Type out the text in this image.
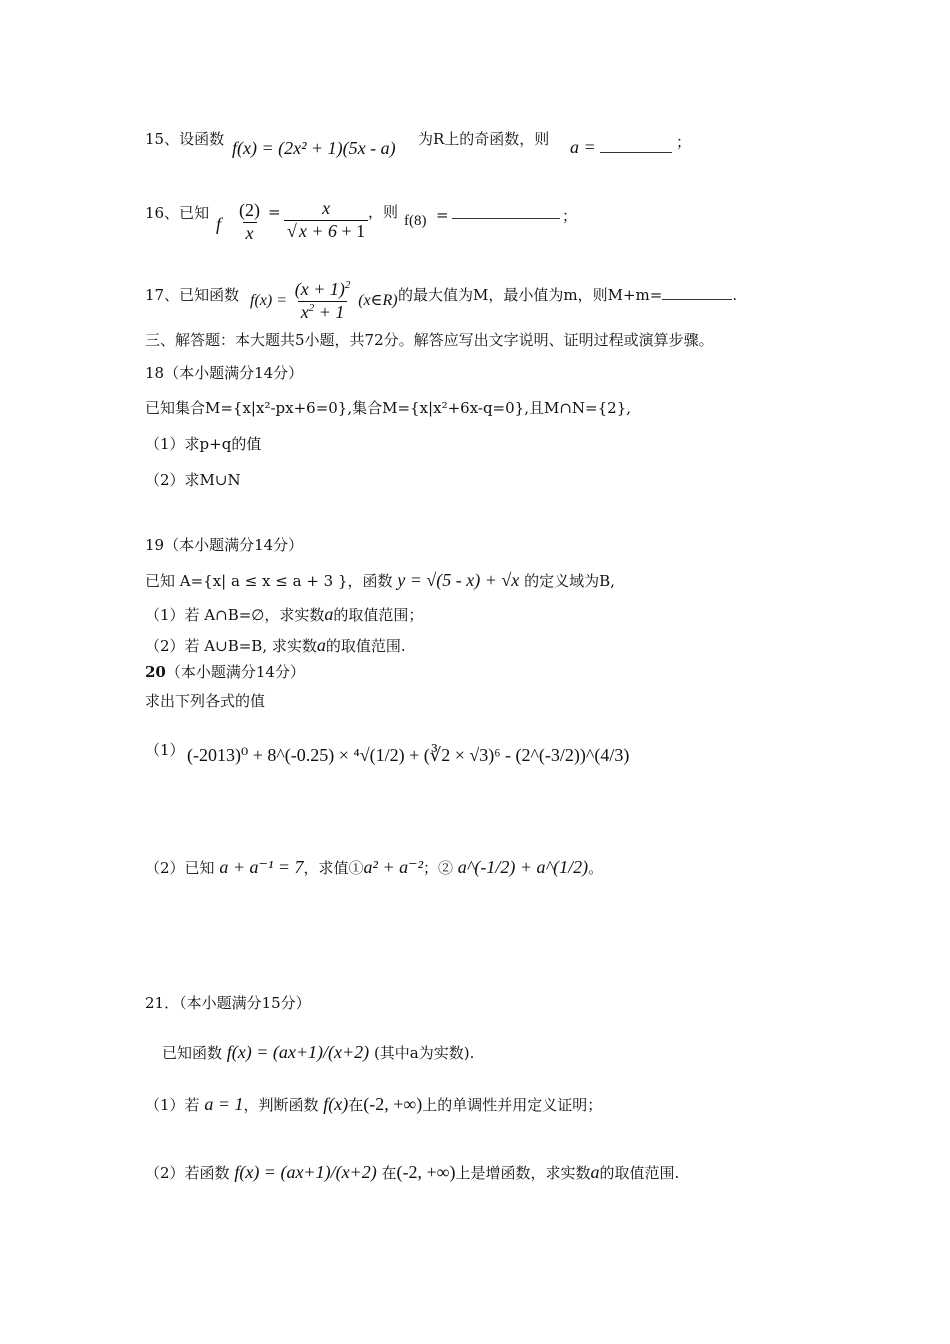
15、设函数 f(x) = (2x² + 1)(5x - a) 为R上的奇函数，则 a =	；
16、已知
f $\frac{(2)}{x} = \frac{x}{√ x + 6 + 1}$ ，则 f(8) =	；
17、已知函数 $f(x) = \frac{(x + 1)^2}{x^2 + 1}$ (x∈R) 的最大值为M，最小值为m，则M+m=	.
三、解答题：本大题共5小题，共72分。解答应写出文字说明、证明过程或演算步骤。
18（本小题满分14分）
已知集合M={x|x²-px+6=0},集合M={x|x²+6x-q=0},且M∩N={2},
（1）求p+q的值
（2）求M∪N
19（本小题满分14分）
已知 A={x| a ≤ x ≤ a + 3 }，函数 y = √(5 - x) + √x 的定义域为B,
（1）若 A∩B=∅，求实数a的取值范围；
（2）若 A∪B=B, 求实数a的取值范围.
20（本小题满分14分）
求出下列各式的值
（1） (-2013)⁰ + 8^(-0.25) × ⁴√(1/2) + (∛2 × √3)⁶ - (2^(-3/2))^(4/3)
（2）已知 a + a⁻¹ = 7，求值①a² + a⁻²；② a^(-1/2) + a^(1/2)。
21．（本小题满分15分）
已知函数 f(x) = (ax+1)/(x+2) (其中a为实数).
（1）若 a = 1，判断函数 f(x)在(-2, +∞)上的单调性并用定义证明；
（2）若函数 f(x) = (ax+1)/(x+2) 在(-2, +∞)上是增函数，求实数a的取值范围.
